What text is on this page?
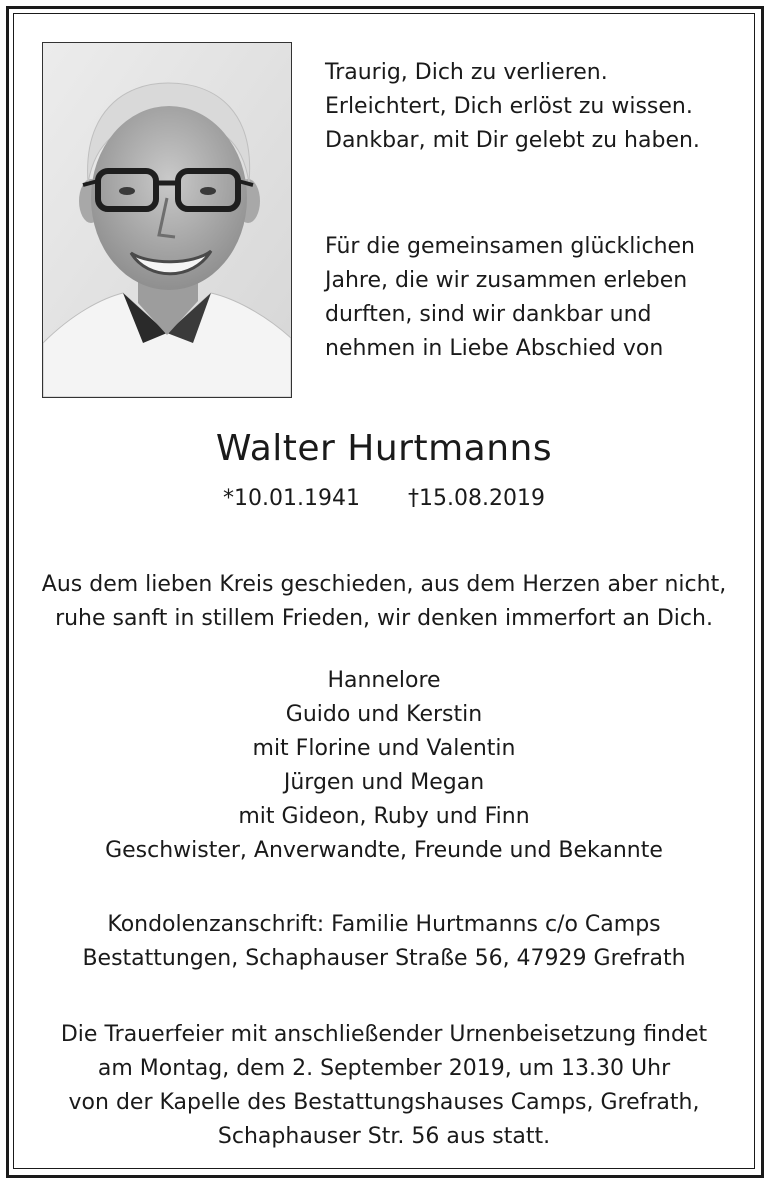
Traurig, Dich zu verlieren.
Erleichtert, Dich erlöst zu wissen.
Dankbar, mit Dir gelebt zu haben.
Für die gemeinsamen glücklichen
Jahre, die wir zusammen erleben
durften, sind wir dankbar und
nehmen in Liebe Abschied von
Walter Hurtmanns
*10.01.1941 †15.08.2019
Aus dem lieben Kreis geschieden, aus dem Herzen aber nicht,
ruhe sanft in stillem Frieden, wir denken immerfort an Dich.
Hannelore
Guido und Kerstin
mit Florine und Valentin
Jürgen und Megan
mit Gideon, Ruby und Finn
Geschwister, Anverwandte, Freunde und Bekannte
Kondolenzanschrift: Familie Hurtmanns c/o Camps
Bestattungen, Schaphauser Straße 56, 47929 Grefrath
Die Trauerfeier mit anschließender Urnenbeisetzung findet
am Montag, dem 2. September 2019, um 13.30 Uhr
von der Kapelle des Bestattungshauses Camps, Grefrath,
Schaphauser Str. 56 aus statt.
